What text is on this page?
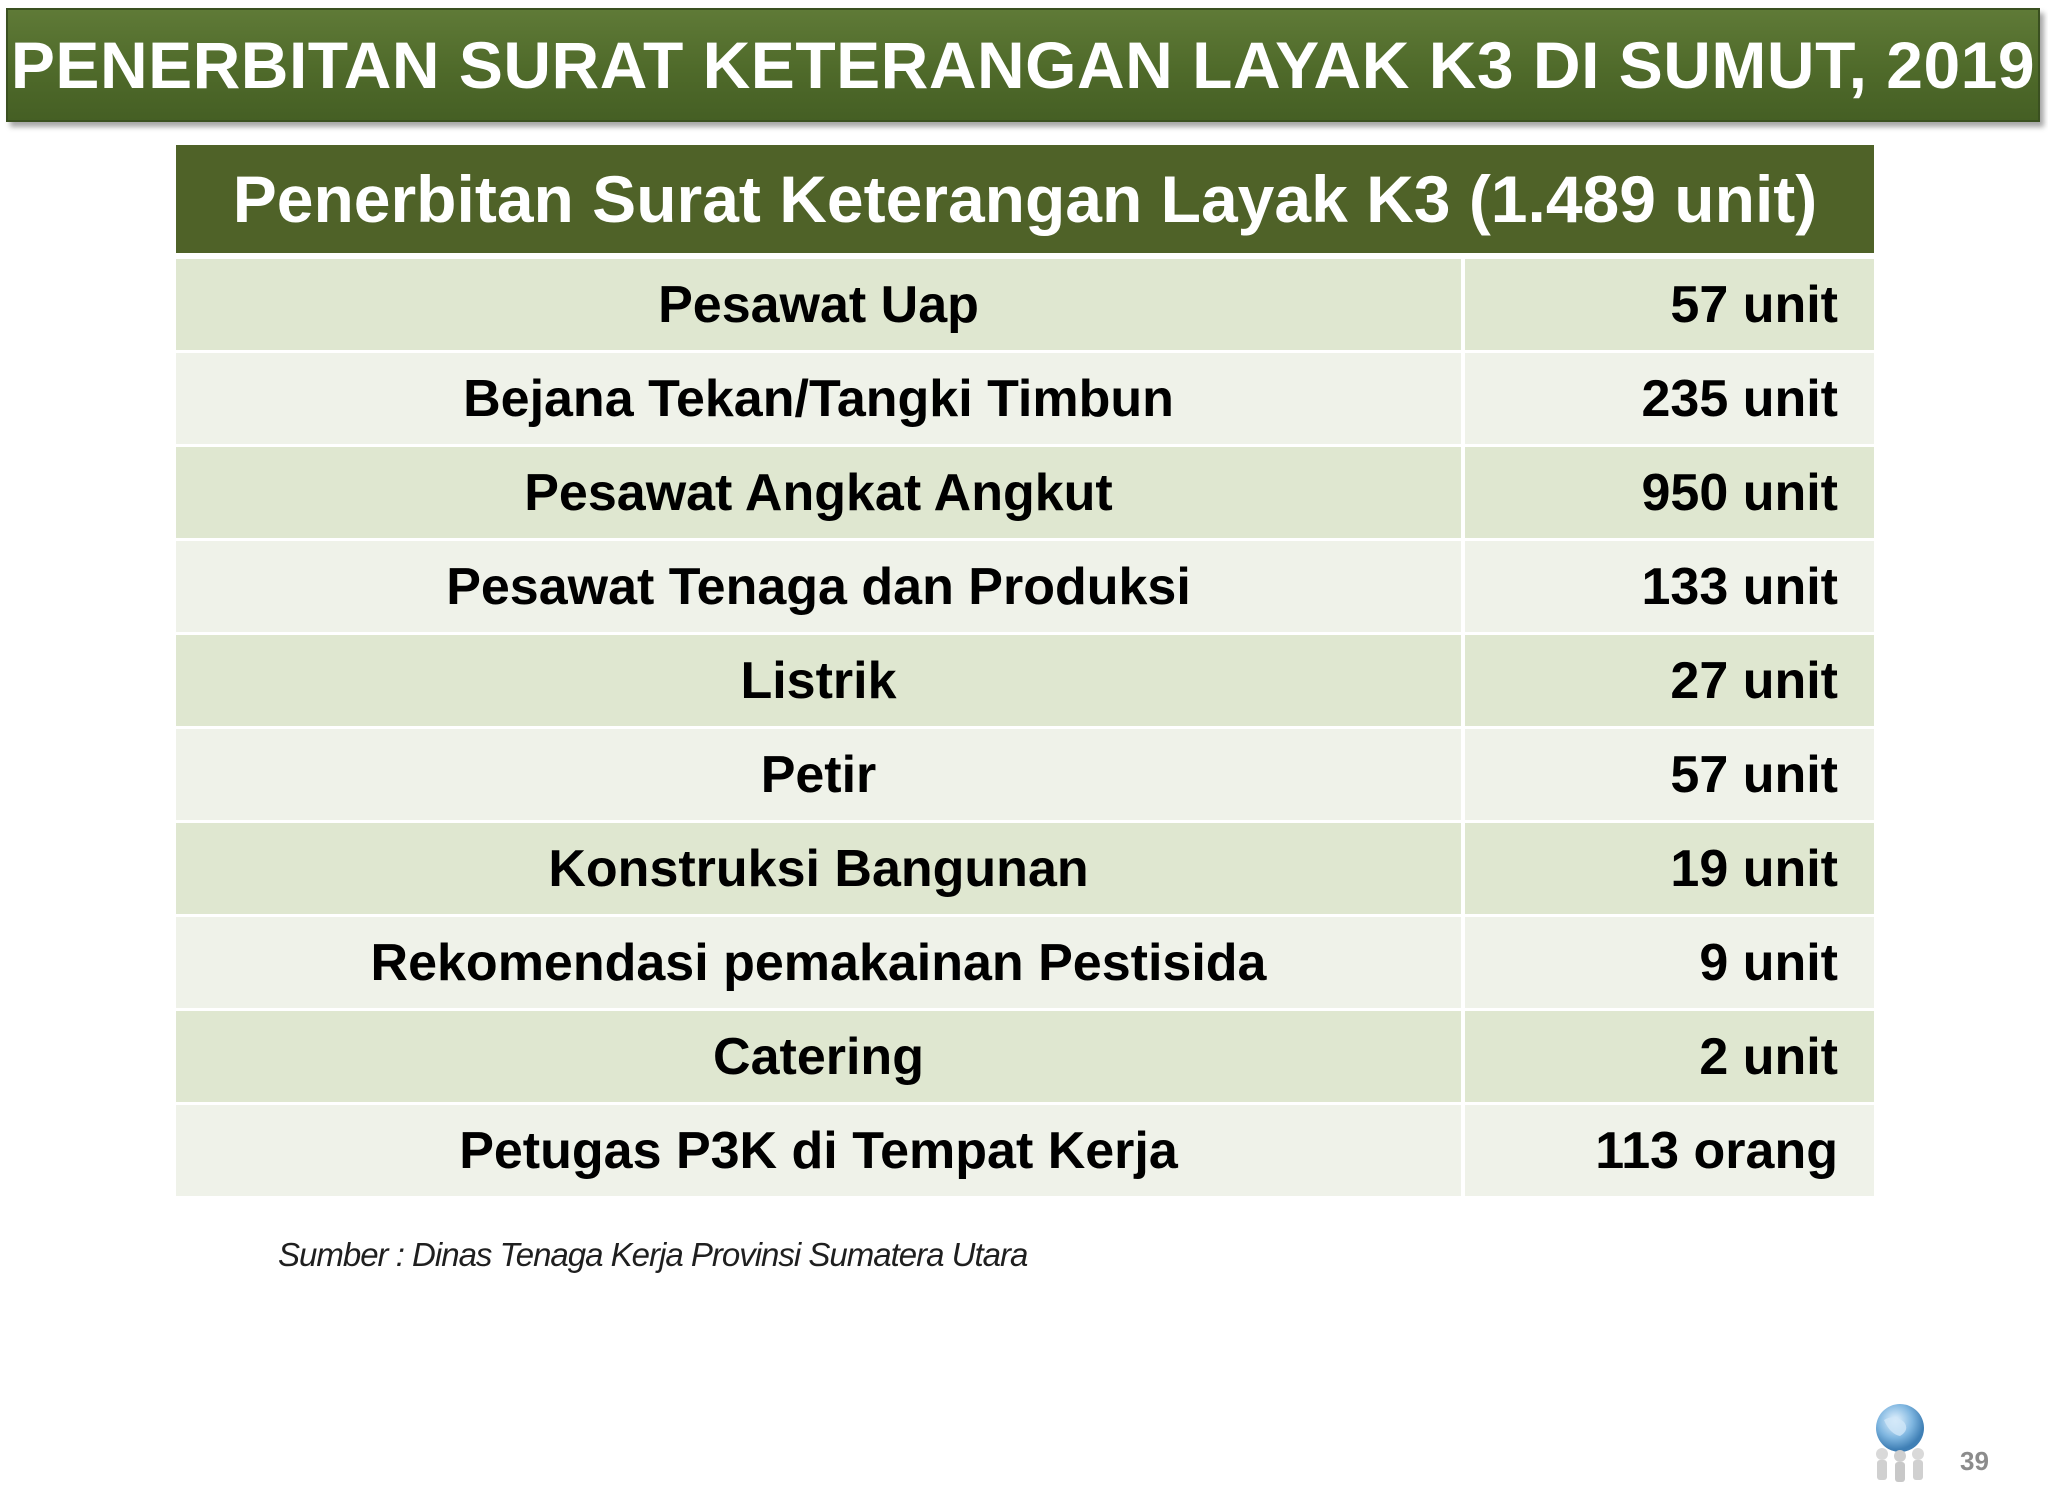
PENERBITAN SURAT KETERANGAN LAYAK K3 DI SUMUT, 2019
Penerbitan Surat Keterangan Layak K3 (1.489 unit)
Pesawat Uap	57 unit
Bejana Tekan/Tangki Timbun	235 unit
Pesawat Angkat Angkut	950 unit
Pesawat Tenaga dan Produksi	133 unit
Listrik	27 unit
Petir	57 unit
Konstruksi Bangunan	19 unit
Rekomendasi pemakainan Pestisida	9 unit
Catering	2 unit
Petugas P3K di Tempat Kerja	113 orang
Sumber : Dinas Tenaga Kerja Provinsi Sumatera Utara
39
